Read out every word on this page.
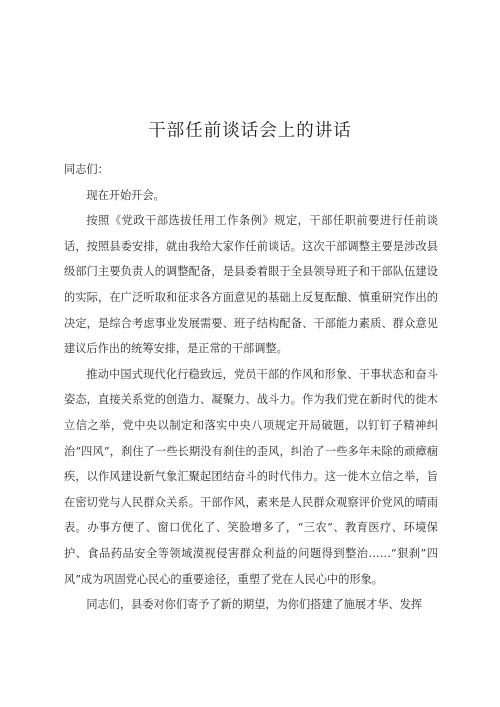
干部任前谈话会上的讲话

同志们：

现在开始开会。

按照《党政干部选拔任用工作条例》规定，干部任职前要进行任前谈话，按照县委安排，就由我给大家作任前谈话。这次干部调整主要是涉改县级部门主要负责人的调整配备，是县委着眼于全县领导班子和干部队伍建设的实际，在广泛听取和征求各方面意见的基础上反复酝酿、慎重研究作出的决定，是综合考虑事业发展需要、班子结构配备、干部能力素质、群众意见建议后作出的统筹安排，是正常的干部调整。

推动中国式现代化行稳致远，党员干部的作风和形象、干事状态和奋斗姿态，直接关系党的创造力、凝聚力、战斗力。作为我们党在新时代的徙木立信之举，党中央以制定和落实中央八项规定开局破题，以钉钉子精神纠治“四风”，刹住了一些长期没有刹住的歪风，纠治了一些多年未除的顽瘴痼疾，以作风建设新气象汇聚起团结奋斗的时代伟力。这一徙木立信之举，旨在密切党与人民群众关系。干部作风，素来是人民群众观察评价党风的晴雨表。办事方便了、窗口优化了、笑脸增多了，“三农”、教育医疗、环境保护、食品药品安全等领域漠视侵害群众利益的问题得到整治……“狠刹”四风”成为巩固党心民心的重要途径，重塑了党在人民心中的形象。

同志们，县委对你们寄予了新的期望，为你们搭建了施展才华、发挥
